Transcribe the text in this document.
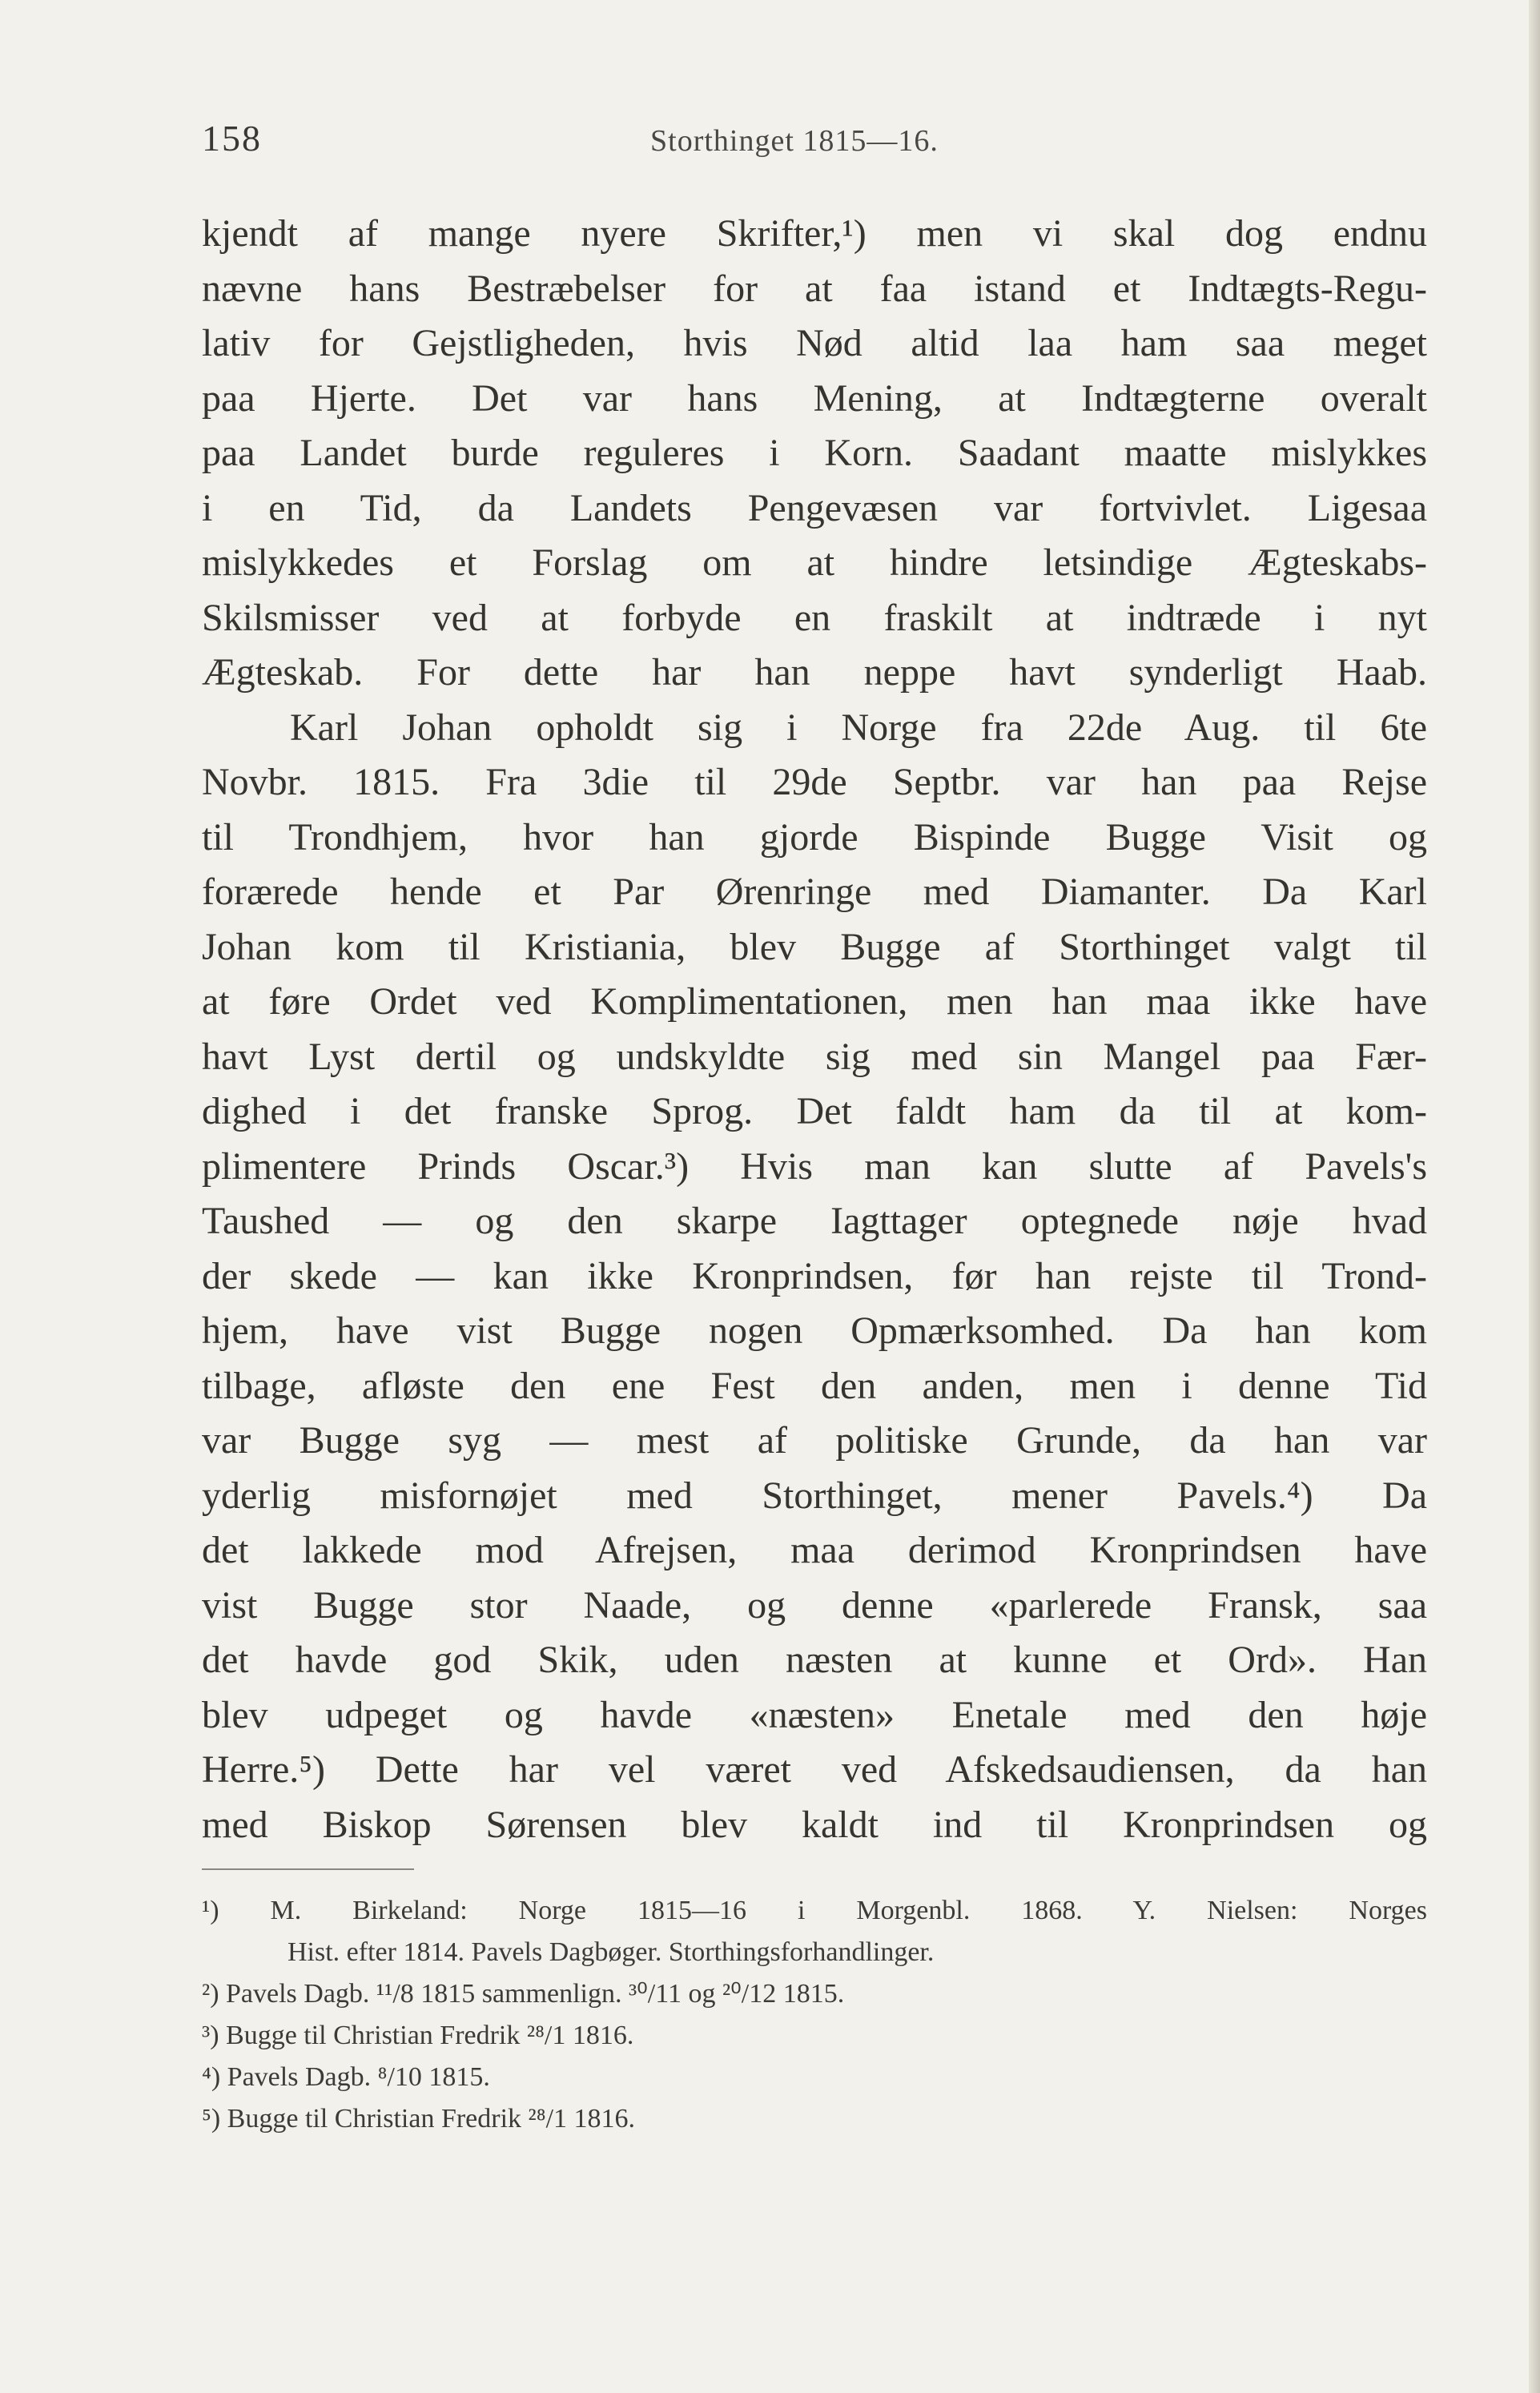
158	Storthinget 1815—16.
kjendt af mange nyere Skrifter,¹) men vi skal dog endnu
nævne hans Bestræbelser for at faa istand et Indtægts-Regu-
lativ for Gejstligheden, hvis Nød altid laa ham saa meget
paa Hjerte. Det var hans Mening, at Indtægterne overalt
paa Landet burde reguleres i Korn. Saadant maatte mislykkes
i en Tid, da Landets Pengevæsen var fortvivlet. Ligesaa
mislykkedes et Forslag om at hindre letsindige Ægteskabs-
Skilsmisser ved at forbyde en fraskilt at indtræde i nyt
Ægteskab. For dette har han neppe havt synderligt Haab.
Karl Johan opholdt sig i Norge fra 22de Aug. til 6te
Novbr. 1815. Fra 3die til 29de Septbr. var han paa Rejse
til Trondhjem, hvor han gjorde Bispinde Bugge Visit og
forærede hende et Par Ørenringe med Diamanter. Da Karl
Johan kom til Kristiania, blev Bugge af Storthinget valgt til
at føre Ordet ved Komplimentationen, men han maa ikke have
havt Lyst dertil og undskyldte sig med sin Mangel paa Fær-
dighed i det franske Sprog. Det faldt ham da til at kom-
plimentere Prinds Oscar.³) Hvis man kan slutte af Pavels's
Taushed — og den skarpe Iagttager optegnede nøje hvad
der skede — kan ikke Kronprindsen, før han rejste til Trond-
hjem, have vist Bugge nogen Opmærksomhed. Da han kom
tilbage, afløste den ene Fest den anden, men i denne Tid
var Bugge syg — mest af politiske Grunde, da han var
yderlig misfornøjet med Storthinget, mener Pavels.⁴) Da
det lakkede mod Afrejsen, maa derimod Kronprindsen have
vist Bugge stor Naade, og denne «parlerede Fransk, saa
det havde god Skik, uden næsten at kunne et Ord». Han
blev udpeget og havde «næsten» Enetale med den høje
Herre.⁵) Dette har vel været ved Afskedsaudiensen, da han
med Biskop Sørensen blev kaldt ind til Kronprindsen og
¹) M. Birkeland: Norge 1815—16 i Morgenbl. 1868. Y. Nielsen: Norges
Hist. efter 1814. Pavels Dagbøger. Storthingsforhandlinger.
²) Pavels Dagb. ¹¹/8 1815 sammenlign. ³⁰/11 og ²⁰/12 1815.
³) Bugge til Christian Fredrik ²⁸/1 1816.
⁴) Pavels Dagb. ⁸/10 1815.
⁵) Bugge til Christian Fredrik ²⁸/1 1816.
